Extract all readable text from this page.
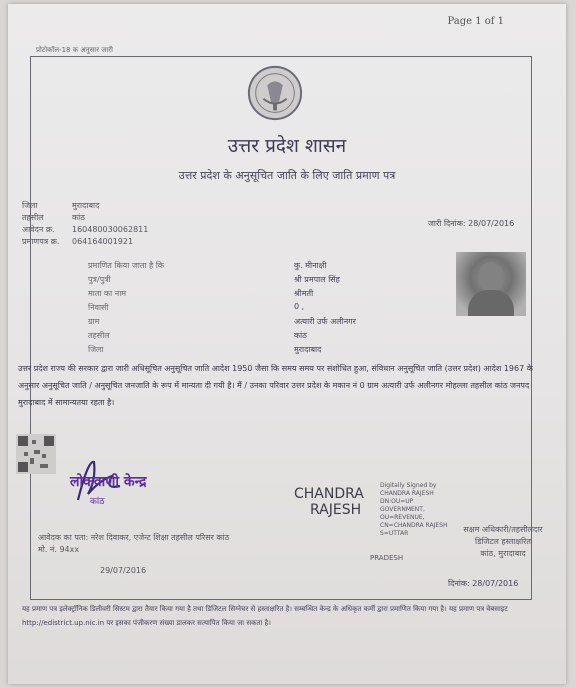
Page 1 of 1
प्रोटोकॉल-18 क अनुसार जारी
उत्तर प्रदेश शासन
उत्तर प्रदेश के अनुसूचित जाति के लिए जाति प्रमाण पत्र
जिला	मुरादाबाद
तहसील	कांठ
आवेदन क्र. 160480030062811
प्रमाणपत्र क्र. 064164001921
जारी दिनांक: 28/07/2016
प्रमाणित किया जाता है कि	कु. मीनाक्षी
पुत्र/पुत्री	श्री प्रमपाल सिंह
माता का नाम	श्रीमती
निवासी	0 ,
ग्राम	अत्यारी उर्फ अलीनगर
तहसील	कांठ
जिला	मुरादाबाद
उत्तर प्रदेश राज्य की सरकार द्वारा जारी अधिसूचित अनुसूचित जाति आदेश 1950 जैसा कि समय समय पर संशोधित हुआ, संविधान अनुसूचित जाति (उत्तर प्रदेश) आदेश 1967 के अनुसार अनुसूचित जाति / अनुसूचित जनजाति के रूप में मान्यता दी गयी है। मैं / उनका परिवार उत्तर प्रदेश के मकान नं 0 ग्राम अत्यारी उर्फ अलीनगर मोहल्ला तहसील कांठ जनपद मुरादाबाद में सामान्यतया रहता है।
लोकवाणी केन्द्र
कांठ	CHANDRA
RAJESH
Digitally Signed by CHANDRA RAJESH DN:OU=UP GOVERNMENT, OU=REVENUE, CN=CHANDRA RAJESH S=UTTAR
PRADESH
सक्षम अधिकारी/तहसीलदार
डिजिटल हस्ताक्षरित
कांठ, मुरादाबाद
दिनांक: 28/07/2016
आवेदक का पता: नरेश दिवाकर, एजेन्ट शिक्षा तहसील परिसर कांठ
मो. नं. 94xx
29/07/2016
यह प्रमाण पत्र इलेक्ट्रॉनिक डिलीवरी सिस्टम द्वारा तैयार किया गया है तथा डिजिटल सिग्नेचर से हस्ताक्षरित है। सम्बन्धित केन्द्र के अधिकृत कर्मी द्वारा प्रमाणित किया गया है। यह प्रमाण पत्र वेबसाइट http://edistrict.up.nic.in पर इसका पंजीकरण संख्या डालकर सत्यापित किया जा सकता है।
